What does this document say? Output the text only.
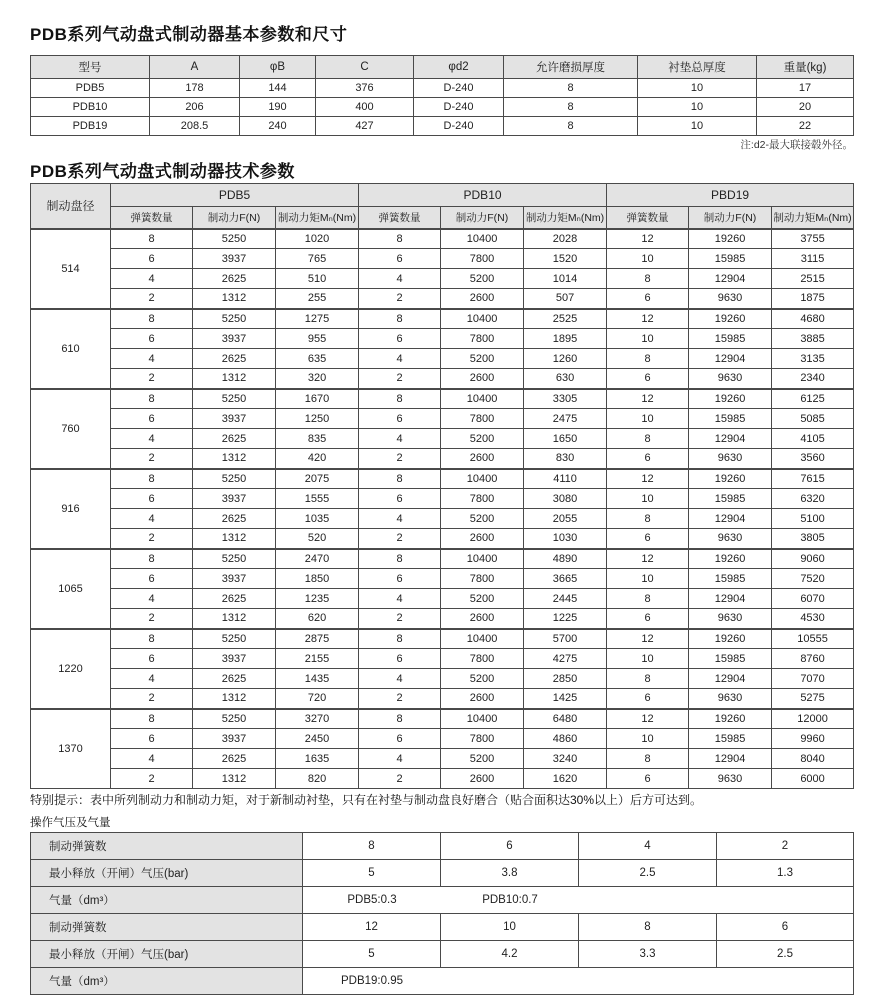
PDB系列气动盘式制动器基本参数和尺寸
型号	A	φB	C	φd2	允许磨损厚度	衬垫总厚度	重量(kg)
PDB5	178	144	376	D-240	8	10	17
PDB10	206	190	400	D-240	8	10	20
PDB19	208.5	240	427	D-240	8	10	22
注:d2-最大联接毂外径。
PDB系列气动盘式制动器技术参数
制动盘径	PDB5			PDB10			PBD19		
	弹簧数量	制动力F(N)	制动力矩Mₙ(Nm)	弹簧数量	制动力F(N)	制动力矩Mₙ(Nm)	弹簧数量	制动力F(N)	制动力矩Mₙ(Nm)
514	8	5250	1020	8	10400	2028	12	19260	3755
	6	3937	765	6	7800	1520	10	15985	3115
	4	2625	510	4	5200	1014	8	12904	2515
	2	1312	255	2	2600	507	6	9630	1875
610	8	5250	1275	8	10400	2525	12	19260	4680
	6	3937	955	6	7800	1895	10	15985	3885
	4	2625	635	4	5200	1260	8	12904	3135
	2	1312	320	2	2600	630	6	9630	2340
760	8	5250	1670	8	10400	3305	12	19260	6125
	6	3937	1250	6	7800	2475	10	15985	5085
	4	2625	835	4	5200	1650	8	12904	4105
	2	1312	420	2	2600	830	6	9630	3560
916	8	5250	2075	8	10400	4110	12	19260	7615
	6	3937	1555	6	7800	3080	10	15985	6320
	4	2625	1035	4	5200	2055	8	12904	5100
	2	1312	520	2	2600	1030	6	9630	3805
1065	8	5250	2470	8	10400	4890	12	19260	9060
	6	3937	1850	6	7800	3665	10	15985	7520
	4	2625	1235	4	5200	2445	8	12904	6070
	2	1312	620	2	2600	1225	6	9630	4530
1220	8	5250	2875	8	10400	5700	12	19260	10555
	6	3937	2155	6	7800	4275	10	15985	8760
	4	2625	1435	4	5200	2850	8	12904	7070
	2	1312	720	2	2600	1425	6	9630	5275
1370	8	5250	3270	8	10400	6480	12	19260	12000
	6	3937	2450	6	7800	4860	10	15985	9960
	4	2625	1635	4	5200	3240	8	12904	8040
	2	1312	820	2	2600	1620	6	9630	6000
特别提示：表中所列制动力和制动力矩，对于新制动衬垫，只有在衬垫与制动盘良好磨合（贴合面积达30%以上）后方可达到。
操作气压及气量
制动弹簧数	8	6	4	2
最小释放（开闸）气压(bar)	5	3.8	2.5	1.3
气量（dm³）	PDB5:0.3 PDB10:0.7			
制动弹簧数	12	10	8	6
最小释放（开闸）气压(bar)	5	4.2	3.3	2.5
气量（dm³）	PDB19:0.95			
